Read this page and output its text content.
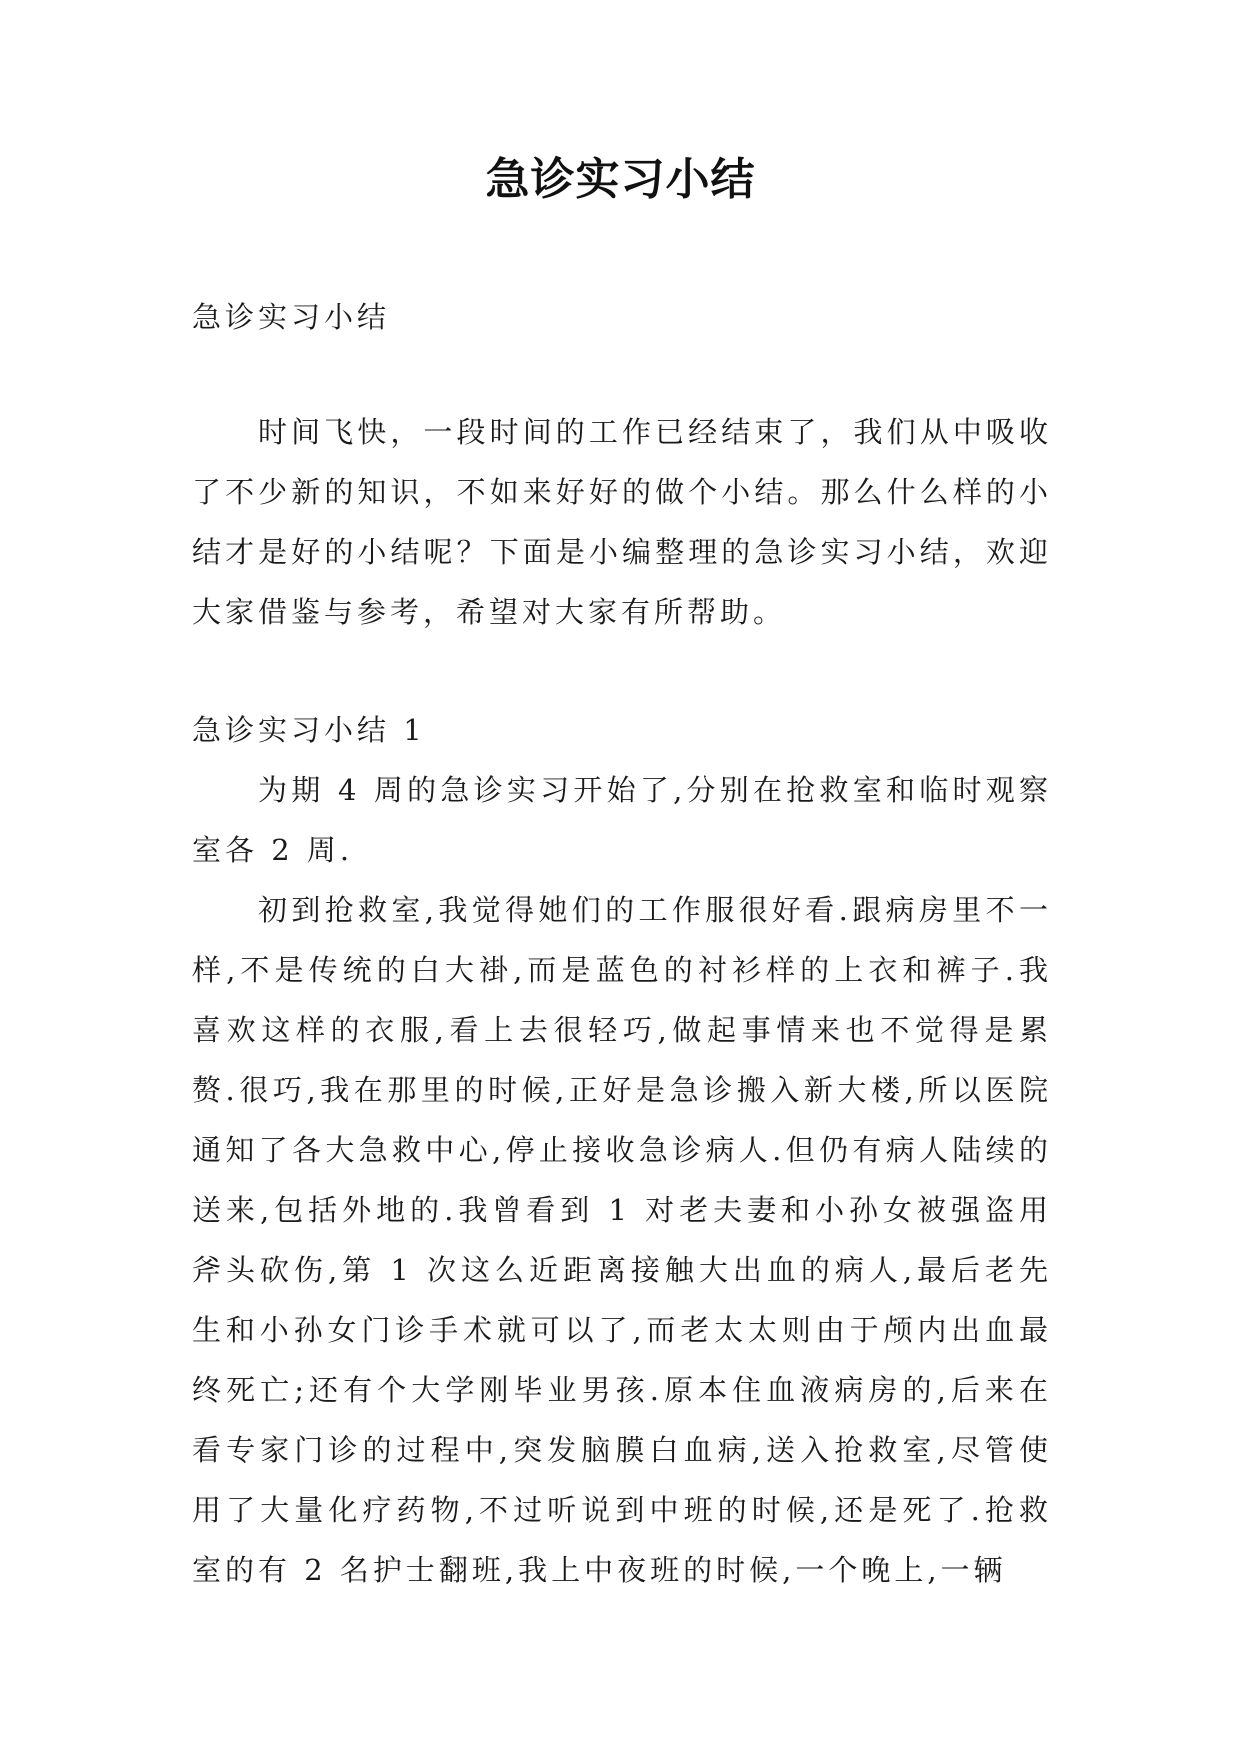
急诊实习小结
急诊实习小结
时间飞快，一段时间的工作已经结束了，我们从中吸收了不少新的知识，不如来好好的做个小结。那么什么样的小结才是好的小结呢？下面是小编整理的急诊实习小结，欢迎大家借鉴与参考，希望对大家有所帮助。
急诊实习小结 1

为期 4 周的急诊实习开始了,分别在抢救室和临时观察室各 2 周.

初到抢救室,我觉得她们的工作服很好看.跟病房里不一样,不是传统的白大褂,而是蓝色的衬衫样的上衣和裤子.我喜欢这样的衣服,看上去很轻巧,做起事情来也不觉得是累赘.很巧,我在那里的时候,正好是急诊搬入新大楼,所以医院通知了各大急救中心,停止接收急诊病人.但仍有病人陆续的送来,包括外地的.我曾看到 1 对老夫妻和小孙女被强盗用斧头砍伤,第 1 次这么近距离接触大出血的病人,最后老先生和小孙女门诊手术就可以了,而老太太则由于颅内出血最终死亡;还有个大学刚毕业男孩.原本住血液病房的,后来在看专家门诊的过程中,突发脑膜白血病,送入抢救室,尽管使用了大量化疗药物,不过听说到中班的时候,还是死了.抢救室的有 2 名护士翻班,我上中夜班的时候,一个晚上,一辆
